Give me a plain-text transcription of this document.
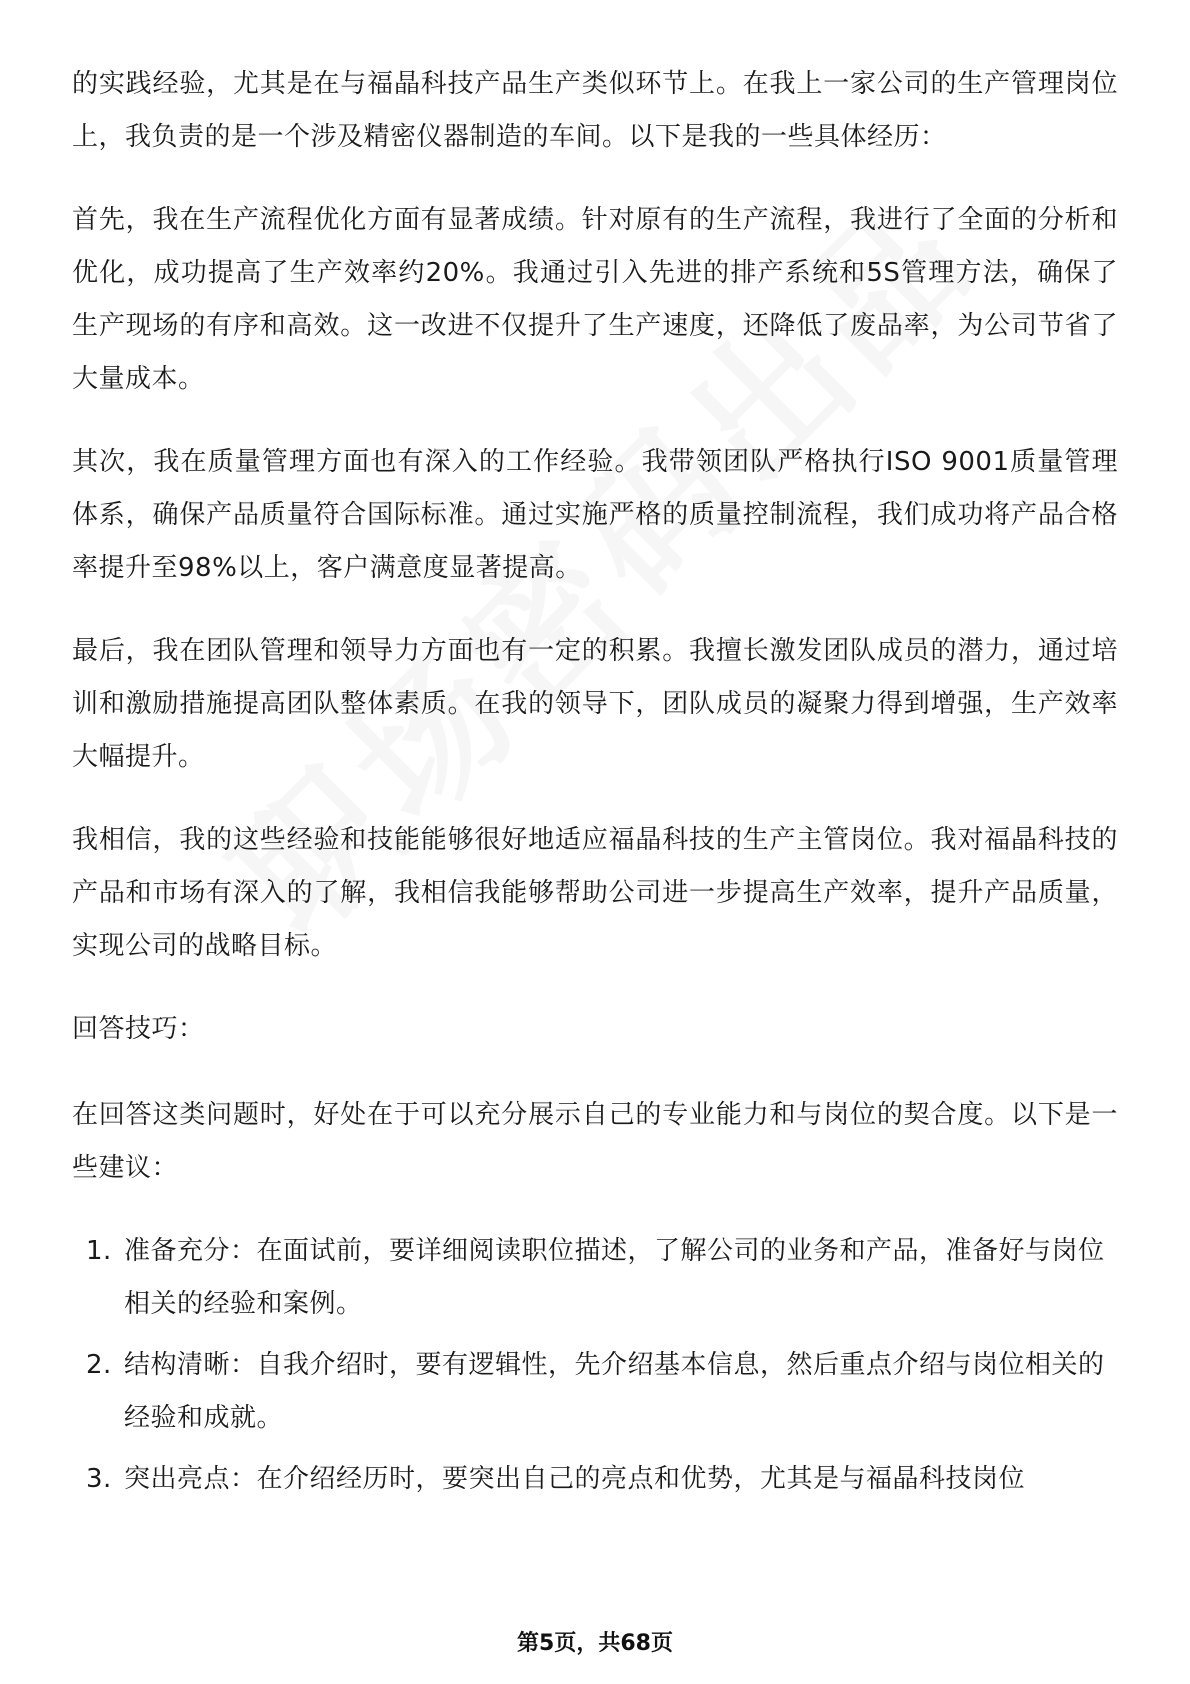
的实践经验，尤其是在与福晶科技产品生产类似环节上。在我上一家公司的生产管理岗位上，我负责的是一个涉及精密仪器制造的车间。以下是我的一些具体经历：

首先，我在生产流程优化方面有显著成绩。针对原有的生产流程，我进行了全面的分析和优化，成功提高了生产效率约20%。我通过引入先进的排产系统和5S管理方法，确保了生产现场的有序和高效。这一改进不仅提升了生产速度，还降低了废品率，为公司节省了大量成本。

其次，我在质量管理方面也有深入的工作经验。我带领团队严格执行ISO 9001质量管理体系，确保产品质量符合国际标准。通过实施严格的质量控制流程，我们成功将产品合格率提升至98%以上，客户满意度显著提高。

最后，我在团队管理和领导力方面也有一定的积累。我擅长激发团队成员的潜力，通过培训和激励措施提高团队整体素质。在我的领导下，团队成员的凝聚力得到增强，生产效率大幅提升。

我相信，我的这些经验和技能能够很好地适应福晶科技的生产主管岗位。我对福晶科技的产品和市场有深入的了解，我相信我能够帮助公司进一步提高生产效率，提升产品质量，实现公司的战略目标。

回答技巧：

在回答这类问题时，好处在于可以充分展示自己的专业能力和与岗位的契合度。以下是一些建议：

1. 准备充分：在面试前，要详细阅读职位描述，了解公司的业务和产品，准备好与岗位相关的经验和案例。
2. 结构清晰：自我介绍时，要有逻辑性，先介绍基本信息，然后重点介绍与岗位相关的经验和成就。
3. 突出亮点：在介绍经历时，要突出自己的亮点和优势，尤其是与福晶科技岗位
第5页，共68页
